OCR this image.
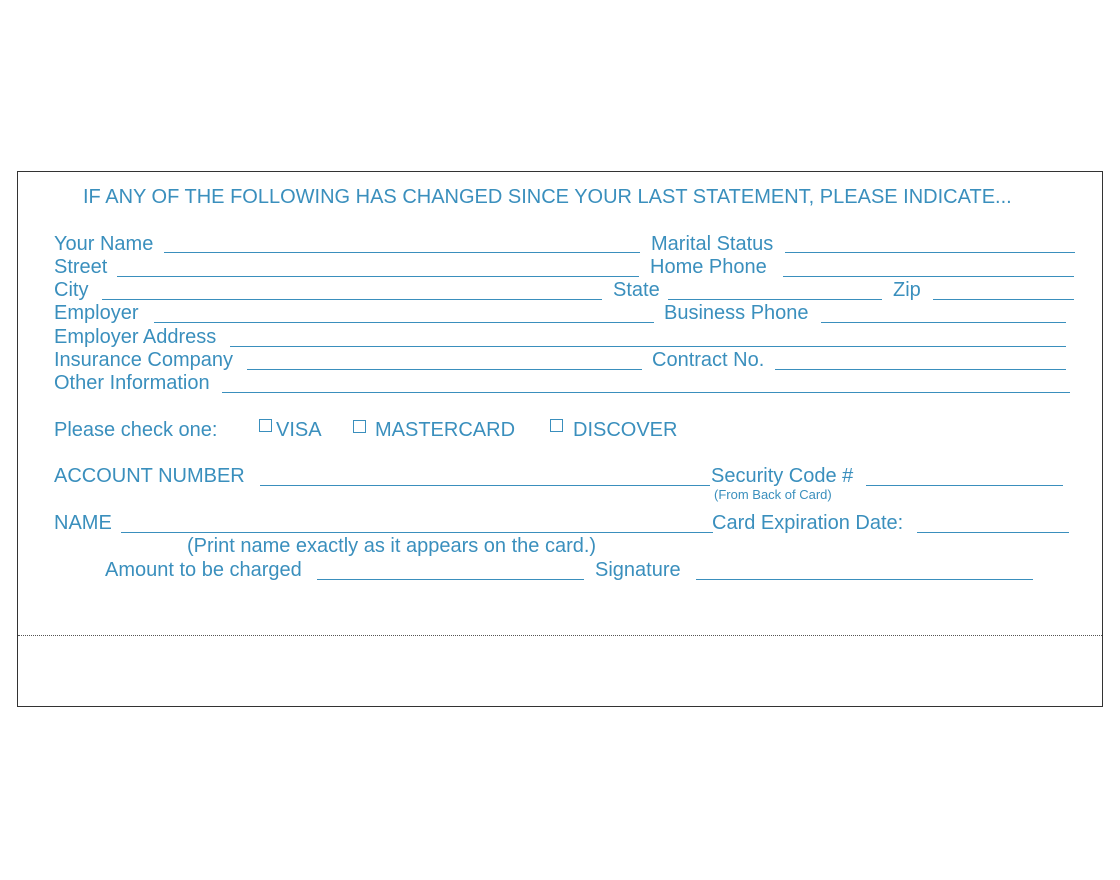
IF ANY OF THE FOLLOWING HAS CHANGED SINCE YOUR LAST STATEMENT, PLEASE INDICATE...
Your Name	Marital Status
Street	Home Phone
City	State	Zip
Employer	Business Phone
Employer Address
Insurance Company	Contract No.
Other Information
Please check one:	VISA	MASTERCARD	DISCOVER
ACCOUNT NUMBER	Security Code #
(From Back of Card)
NAME	Card Expiration Date:
(Print name exactly as it appears on the card.)
Amount to be charged	Signature
